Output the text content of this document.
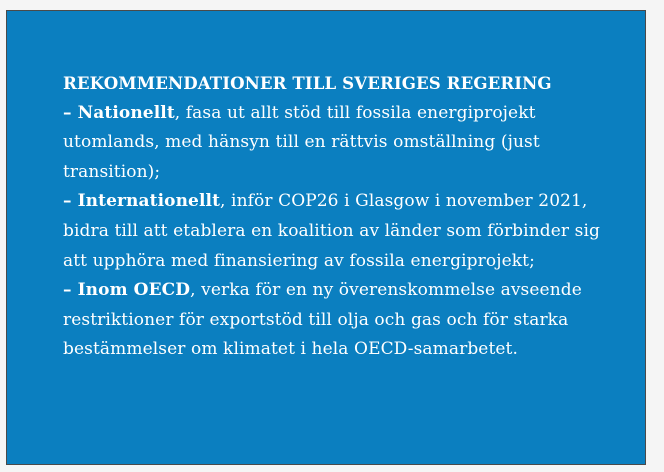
REKOMMENDATIONER TILL SVERIGES REGERING
– Nationellt, fasa ut allt stöd till fossila energiprojekt utomlands, med hänsyn till en rättvis omställning (just transition);
– Internationellt, inför COP26 i Glasgow i november 2021, bidra till att etablera en koalition av länder som förbinder sig att upphöra med finansiering av fossila energiprojekt;
– Inom OECD, verka för en ny överenskommelse avseende restriktioner för exportstöd till olja och gas och för starka bestämmelser om klimatet i hela OECD-samarbetet.
